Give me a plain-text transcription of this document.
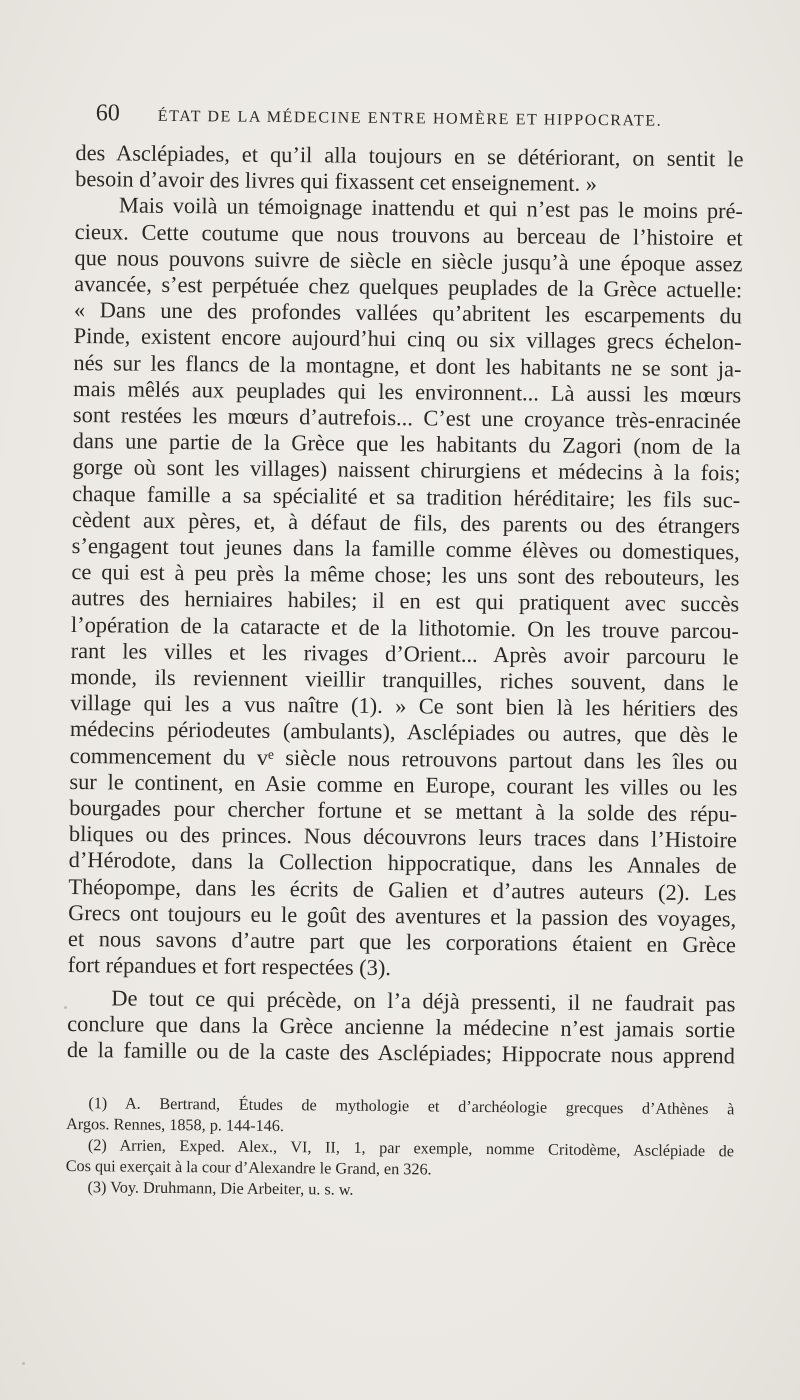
60 ÉTAT DE LA MÉDECINE ENTRE HOMÈRE ET HIPPOCRATE.
des Asclépiades, et qu’il alla toujours en se détériorant, on sentit le
besoin d’avoir des livres qui fixassent cet enseignement. »
Mais voilà un témoignage inattendu et qui n’est pas le moins pré-
cieux. Cette coutume que nous trouvons au berceau de l’histoire et
que nous pouvons suivre de siècle en siècle jusqu’à une époque assez
avancée, s’est perpétuée chez quelques peuplades de la Grèce actuelle:
« Dans une des profondes vallées qu’abritent les escarpements du
Pinde, existent encore aujourd’hui cinq ou six villages grecs échelon-
nés sur les flancs de la montagne, et dont les habitants ne se sont ja-
mais mêlés aux peuplades qui les environnent... Là aussi les mœurs
sont restées les mœurs d’autrefois... C’est une croyance très-enracinée
dans une partie de la Grèce que les habitants du Zagori (nom de la
gorge où sont les villages) naissent chirurgiens et médecins à la fois;
chaque famille a sa spécialité et sa tradition héréditaire; les fils suc-
cèdent aux pères, et, à défaut de fils, des parents ou des étrangers
s’engagent tout jeunes dans la famille comme élèves ou domestiques,
ce qui est à peu près la même chose; les uns sont des rebouteurs, les
autres des herniaires habiles; il en est qui pratiquent avec succès
l’opération de la cataracte et de la lithotomie. On les trouve parcou-
rant les villes et les rivages d’Orient... Après avoir parcouru le
monde, ils reviennent vieillir tranquilles, riches souvent, dans le
village qui les a vus naître (1). » Ce sont bien là les héritiers des
médecins périodeutes (ambulants), Asclépiades ou autres, que dès le
commencement du vᵉ siècle nous retrouvons partout dans les îles ou
sur le continent, en Asie comme en Europe, courant les villes ou les
bourgades pour chercher fortune et se mettant à la solde des répu-
bliques ou des princes. Nous découvrons leurs traces dans l’Histoire
d’Hérodote, dans la Collection hippocratique, dans les Annales de
Théopompe, dans les écrits de Galien et d’autres auteurs (2). Les
Grecs ont toujours eu le goût des aventures et la passion des voyages,
et nous savons d’autre part que les corporations étaient en Grèce
fort répandues et fort respectées (3).
De tout ce qui précède, on l’a déjà pressenti, il ne faudrait pas
conclure que dans la Grèce ancienne la médecine n’est jamais sortie
de la famille ou de la caste des Asclépiades; Hippocrate nous apprend
(1) A. Bertrand, Études de mythologie et d’archéologie grecques d’Athènes à
Argos. Rennes, 1858, p. 144-146.
(2) Arrien, Exped. Alex., VI, II, 1, par exemple, nomme Critodème, Asclépiade de
Cos qui exerçait à la cour d’Alexandre le Grand, en 326.
(3) Voy. Druhmann, Die Arbeiter, u. s. w.
